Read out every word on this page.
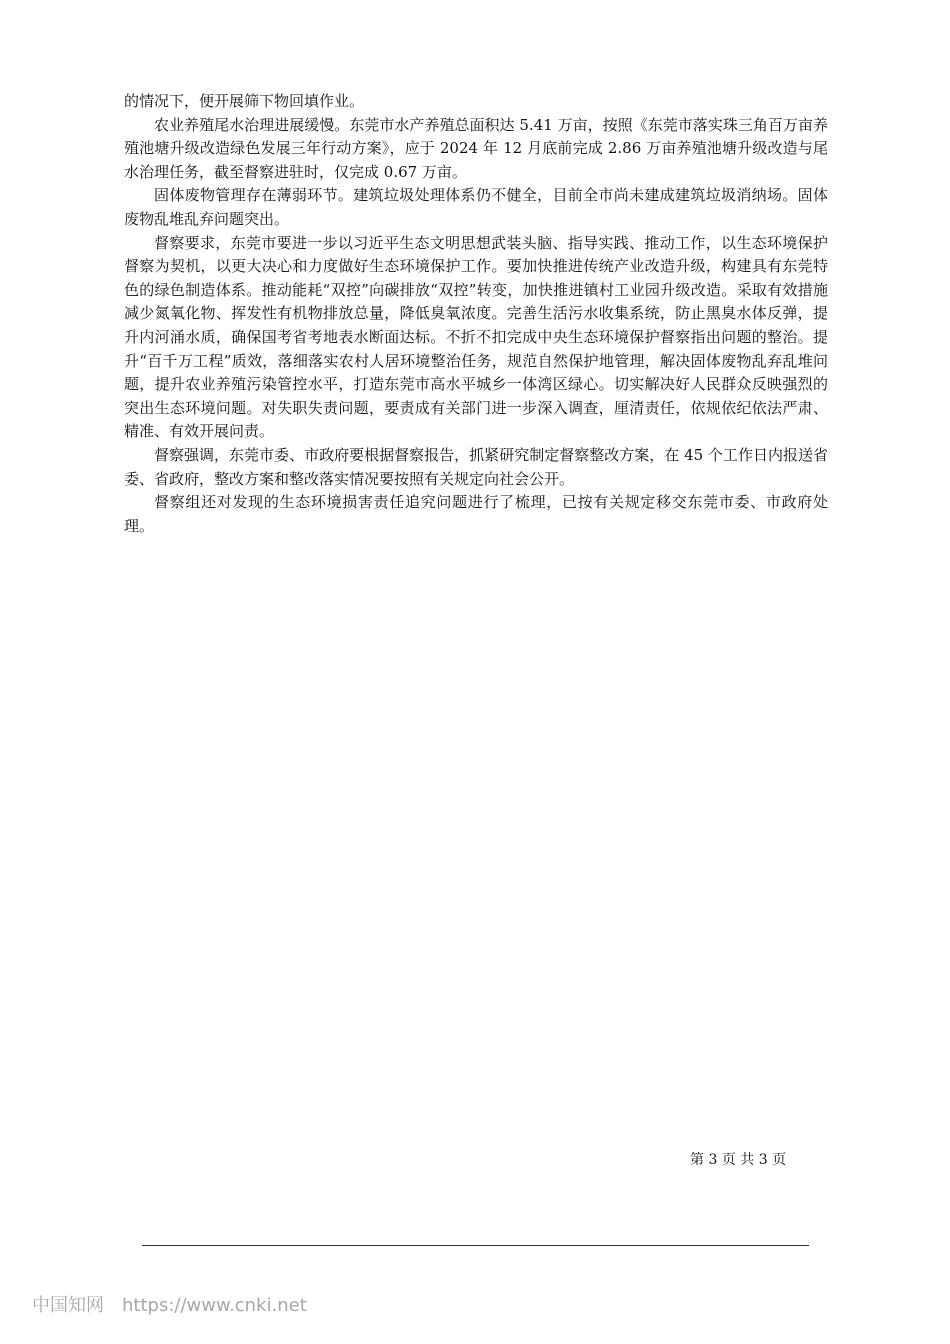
的情况下，便开展筛下物回填作业。

农业养殖尾水治理进展缓慢。东莞市水产养殖总面积达 5.41 万亩，按照《东莞市落实珠三角百万亩养殖池塘升级改造绿色发展三年行动方案》，应于 2024 年 12 月底前完成 2.86 万亩养殖池塘升级改造与尾水治理任务，截至督察进驻时，仅完成 0.67 万亩。

固体废物管理存在薄弱环节。建筑垃圾处理体系仍不健全，目前全市尚未建成建筑垃圾消纳场。固体废物乱堆乱弃问题突出。

督察要求，东莞市要进一步以习近平生态文明思想武装头脑、指导实践、推动工作，以生态环境保护督察为契机，以更大决心和力度做好生态环境保护工作。要加快推进传统产业改造升级，构建具有东莞特色的绿色制造体系。推动能耗“双控”向碳排放“双控”转变，加快推进镇村工业园升级改造。采取有效措施减少氮氧化物、挥发性有机物排放总量，降低臭氧浓度。完善生活污水收集系统，防止黑臭水体反弹，提升内河涌水质，确保国考省考地表水断面达标。不折不扣完成中央生态环境保护督察指出问题的整治。提升“百千万工程”质效，落细落实农村人居环境整治任务，规范自然保护地管理，解决固体废物乱弃乱堆问题，提升农业养殖污染管控水平，打造东莞市高水平城乡一体湾区绿心。切实解决好人民群众反映强烈的突出生态环境问题。对失职失责问题，要责成有关部门进一步深入调查，厘清责任，依规依纪依法严肃、精准、有效开展问责。

督察强调，东莞市委、市政府要根据督察报告，抓紧研究制定督察整改方案，在 45 个工作日内报送省委、省政府，整改方案和整改落实情况要按照有关规定向社会公开。

督察组还对发现的生态环境损害责任追究问题进行了梳理，已按有关规定移交东莞市委、市政府处理。

第 3 页 共 3 页
中国知网 https://www.cnki.net
